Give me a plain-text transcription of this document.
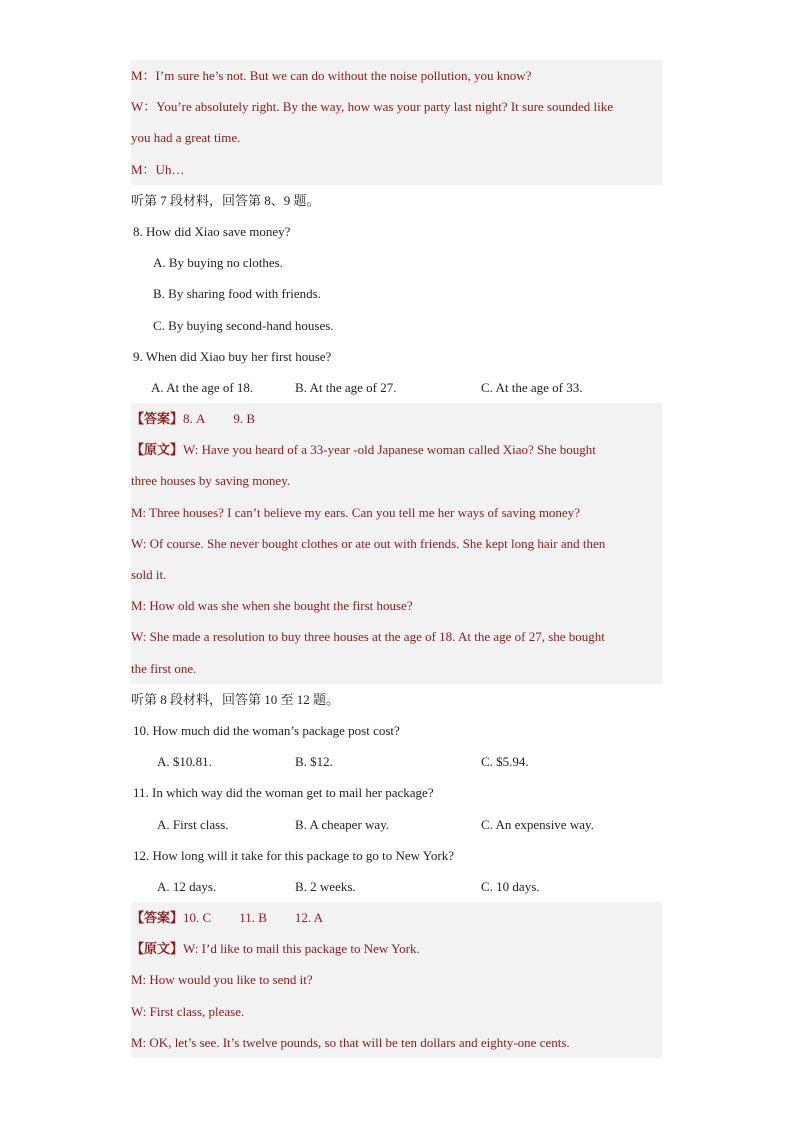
M：I’m sure he’s not. But we can do without the noise pollution, you know?
W：You’re absolutely right. By the way, how was your party last night? It sure sounded like
you had a great time.
M：Uh…
听第 7 段材料，回答第 8、9 题。
8. How did Xiao save money?
A. By buying no clothes.
B. By sharing food with friends.
C. By buying second-hand houses.
9. When did Xiao buy her first house?
A. At the age of 18.	B. At the age of 27.	C. At the age of 33.
【答案】8. A 9. B
【原文】W: Have you heard of a 33-year -old Japanese woman called Xiao? She bought
three houses by saving money.
M: Three houses? I can’t believe my ears. Can you tell me her ways of saving money?
W: Of course. She never bought clothes or ate out with friends. She kept long hair and then
sold it.
M: How old was she when she bought the first house?
W: She made a resolution to buy three houses at the age of 18. At the age of 27, she bought
the first one.
听第 8 段材料，回答第 10 至 12 题。
10. How much did the woman’s package post cost?
A. $10.81.	B. $12.	C. $5.94.
11. In which way did the woman get to mail her package?
A. First class.	B. A cheaper way.	C. An expensive way.
12. How long will it take for this package to go to New York?
A. 12 days.	B. 2 weeks.	C. 10 days.
【答案】10. C 11. B 12. A
【原文】W: I’d like to mail this package to New York.
M: How would you like to send it?
W: First class, please.
M: OK, let’s see. It’s twelve pounds, so that will be ten dollars and eighty-one cents.
